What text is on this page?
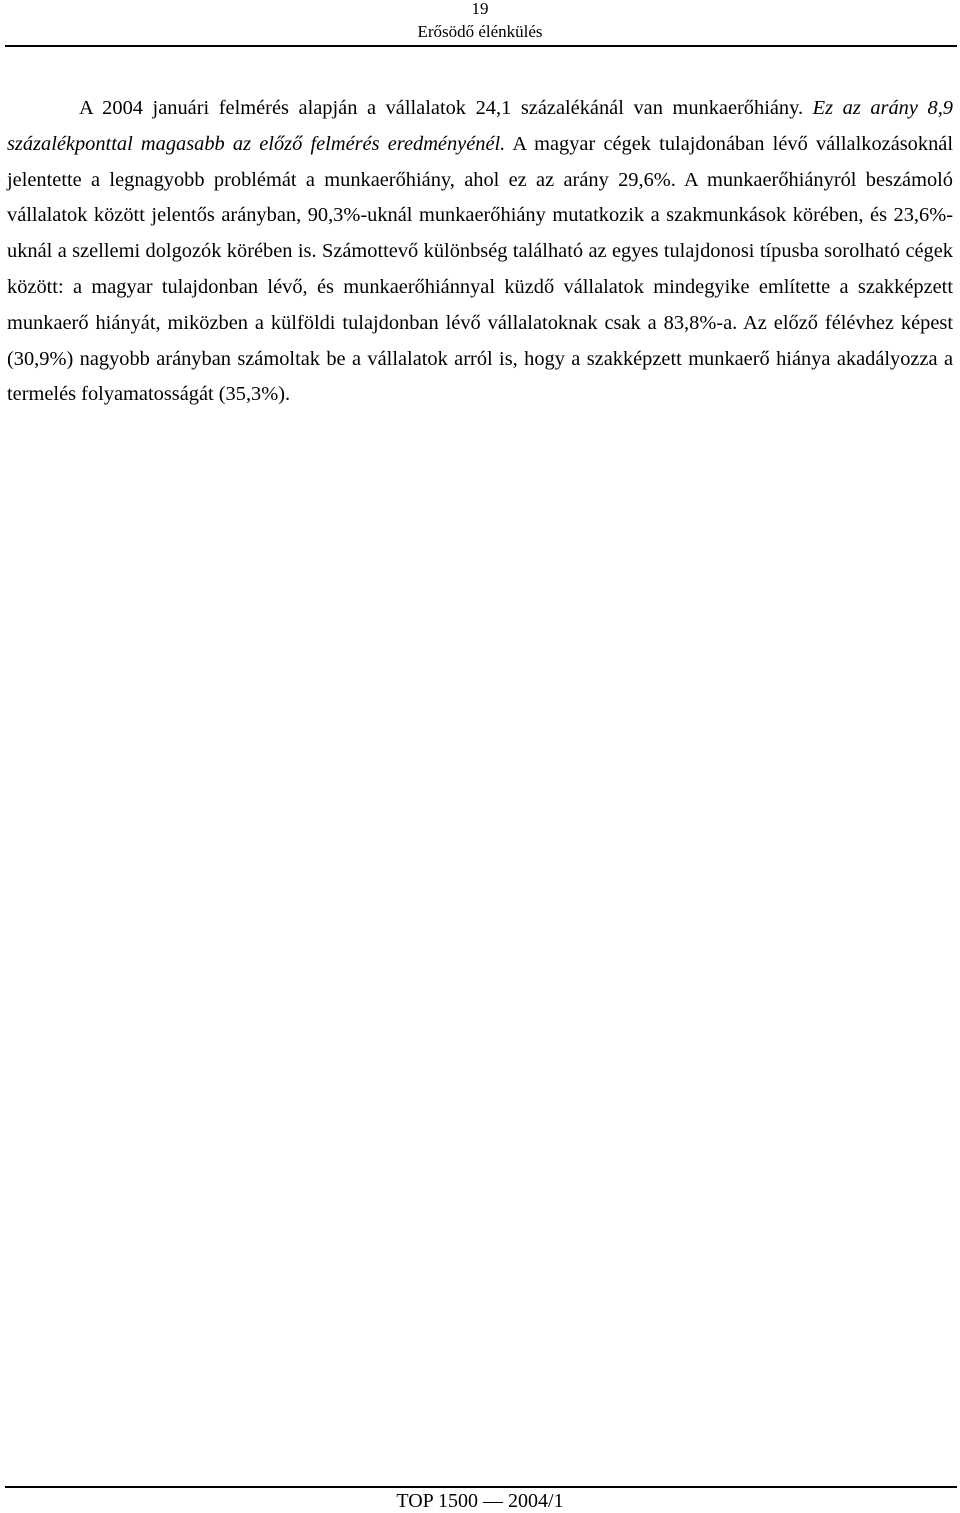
19
Erősödő élénkülés

A 2004 januári felmérés alapján a vállalatok 24,1 százalékánál van munkaerőhiány. Ez az arány 8,9 százalékponttal magasabb az előző felmérés eredményénél. A magyar cégek tulajdonában lévő vállalkozásoknál jelentette a legnagyobb problémát a munkaerőhiány, ahol ez az arány 29,6%. A munkaerőhiányról beszámoló vállalatok között jelentős arányban, 90,3%-uknál munkaerőhiány mutatkozik a szakmunkások körében, és 23,6%-uknál a szellemi dolgozók körében is. Számottevő különbség található az egyes tulajdonosi típusba sorolható cégek között: a magyar tulajdonban lévő, és munkaerőhiánnyal küzdő vállalatok mindegyike említette a szakképzett munkaerő hiányát, miközben a külföldi tulajdonban lévő vállalatoknak csak a 83,8%-a. Az előző félévhez képest (30,9%) nagyobb arányban számoltak be a vállalatok arról is, hogy a szakképzett munkaerő hiánya akadályozza a termelés folyamatosságát (35,3%).

TOP 1500 — 2004/1
